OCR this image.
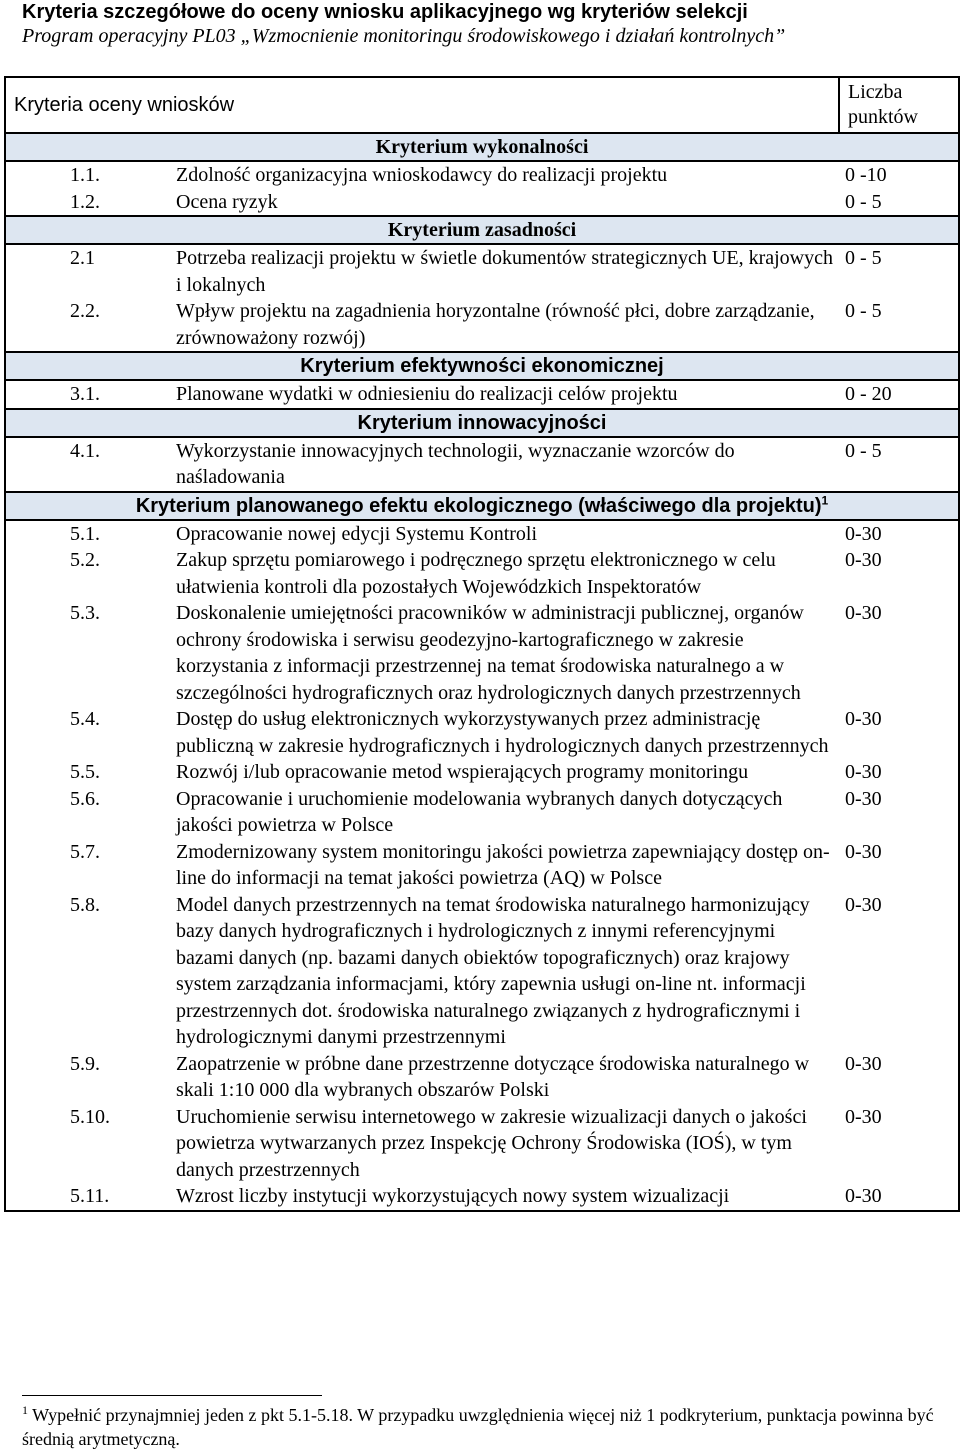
Kryteria szczegółowe do oceny wniosku aplikacyjnego wg kryteriów selekcji
Program operacyjny PL03 „Wzmocnienie monitoringu środowiskowego i działań kontrolnych”
Kryteria oceny wniosków		Liczba
punktów
Kryterium wykonalności		
1.1.	Zdolność organizacyjna wnioskodawcy do realizacji projektu	0 -10
1.2.	Ocena ryzyk	0 - 5
Kryterium zasadności		
2.1	Potrzeba realizacji projektu w świetle dokumentów strategicznych UE, krajowych i lokalnych	0 - 5
2.2.	Wpływ projektu na zagadnienia horyzontalne (równość płci, dobre zarządzanie, zrównoważony rozwój)	0 - 5
Kryterium efektywności ekonomicznej		
3.1.	Planowane wydatki w odniesieniu do realizacji celów projektu	0 - 20
Kryterium innowacyjności		
4.1.	Wykorzystanie innowacyjnych technologii, wyznaczanie wzorców do naśladowania	0 - 5
Kryterium planowanego efektu ekologicznego (właściwego dla projektu)$^1$
5.1.	Opracowanie nowej edycji Systemu Kontroli	0-30
5.2.	Zakup sprzętu pomiarowego i podręcznego sprzętu elektronicznego w celu ułatwienia kontroli dla pozostałych Wojewódzkich Inspektoratów	0-30
5.3.	Doskonalenie umiejętności pracowników w administracji publicznej, organów ochrony środowiska i serwisu geodezyjno-kartograficznego w zakresie korzystania z informacji przestrzennej na temat środowiska naturalnego a w szczególności hydrograficznych oraz hydrologicznych danych przestrzennych	0-30
5.4.	Dostęp do usług elektronicznych wykorzystywanych przez administrację publiczną w zakresie hydrograficznych i hydrologicznych danych przestrzennych	0-30
5.5.	Rozwój i/lub opracowanie metod wspierających programy monitoringu	0-30
5.6.	Opracowanie i uruchomienie modelowania wybranych danych dotyczących jakości powietrza w Polsce	0-30
5.7.	Zmodernizowany system monitoringu jakości powietrza zapewniający dostęp on-line do informacji na temat jakości powietrza (AQ) w Polsce	0-30
5.8.	Model danych przestrzennych na temat środowiska naturalnego harmonizujący bazy danych hydrograficznych i hydrologicznych z innymi referencyjnymi bazami danych (np. bazami danych obiektów topograficznych) oraz krajowy system zarządzania informacjami, który zapewnia usługi on-line nt. informacji przestrzennych dot. środowiska naturalnego związanych z hydrograficznymi i hydrologicznymi danymi przestrzennymi	0-30
5.9.	Zaopatrzenie w próbne dane przestrzenne dotyczące środowiska naturalnego w skali 1:10 000 dla wybranych obszarów Polski	0-30
5.10.	Uruchomienie serwisu internetowego w zakresie wizualizacji danych o jakości powietrza wytwarzanych przez Inspekcję Ochrony Środowiska (IOŚ), w tym danych przestrzennych	0-30
5.11.	Wzrost liczby instytucji wykorzystujących nowy system wizualizacji	0-30
$^1$ Wypełnić przynajmniej jeden z pkt 5.1-5.18. W przypadku uwzględnienia więcej niż 1 podkryterium, punktacja powinna być średnią arytmetyczną.
